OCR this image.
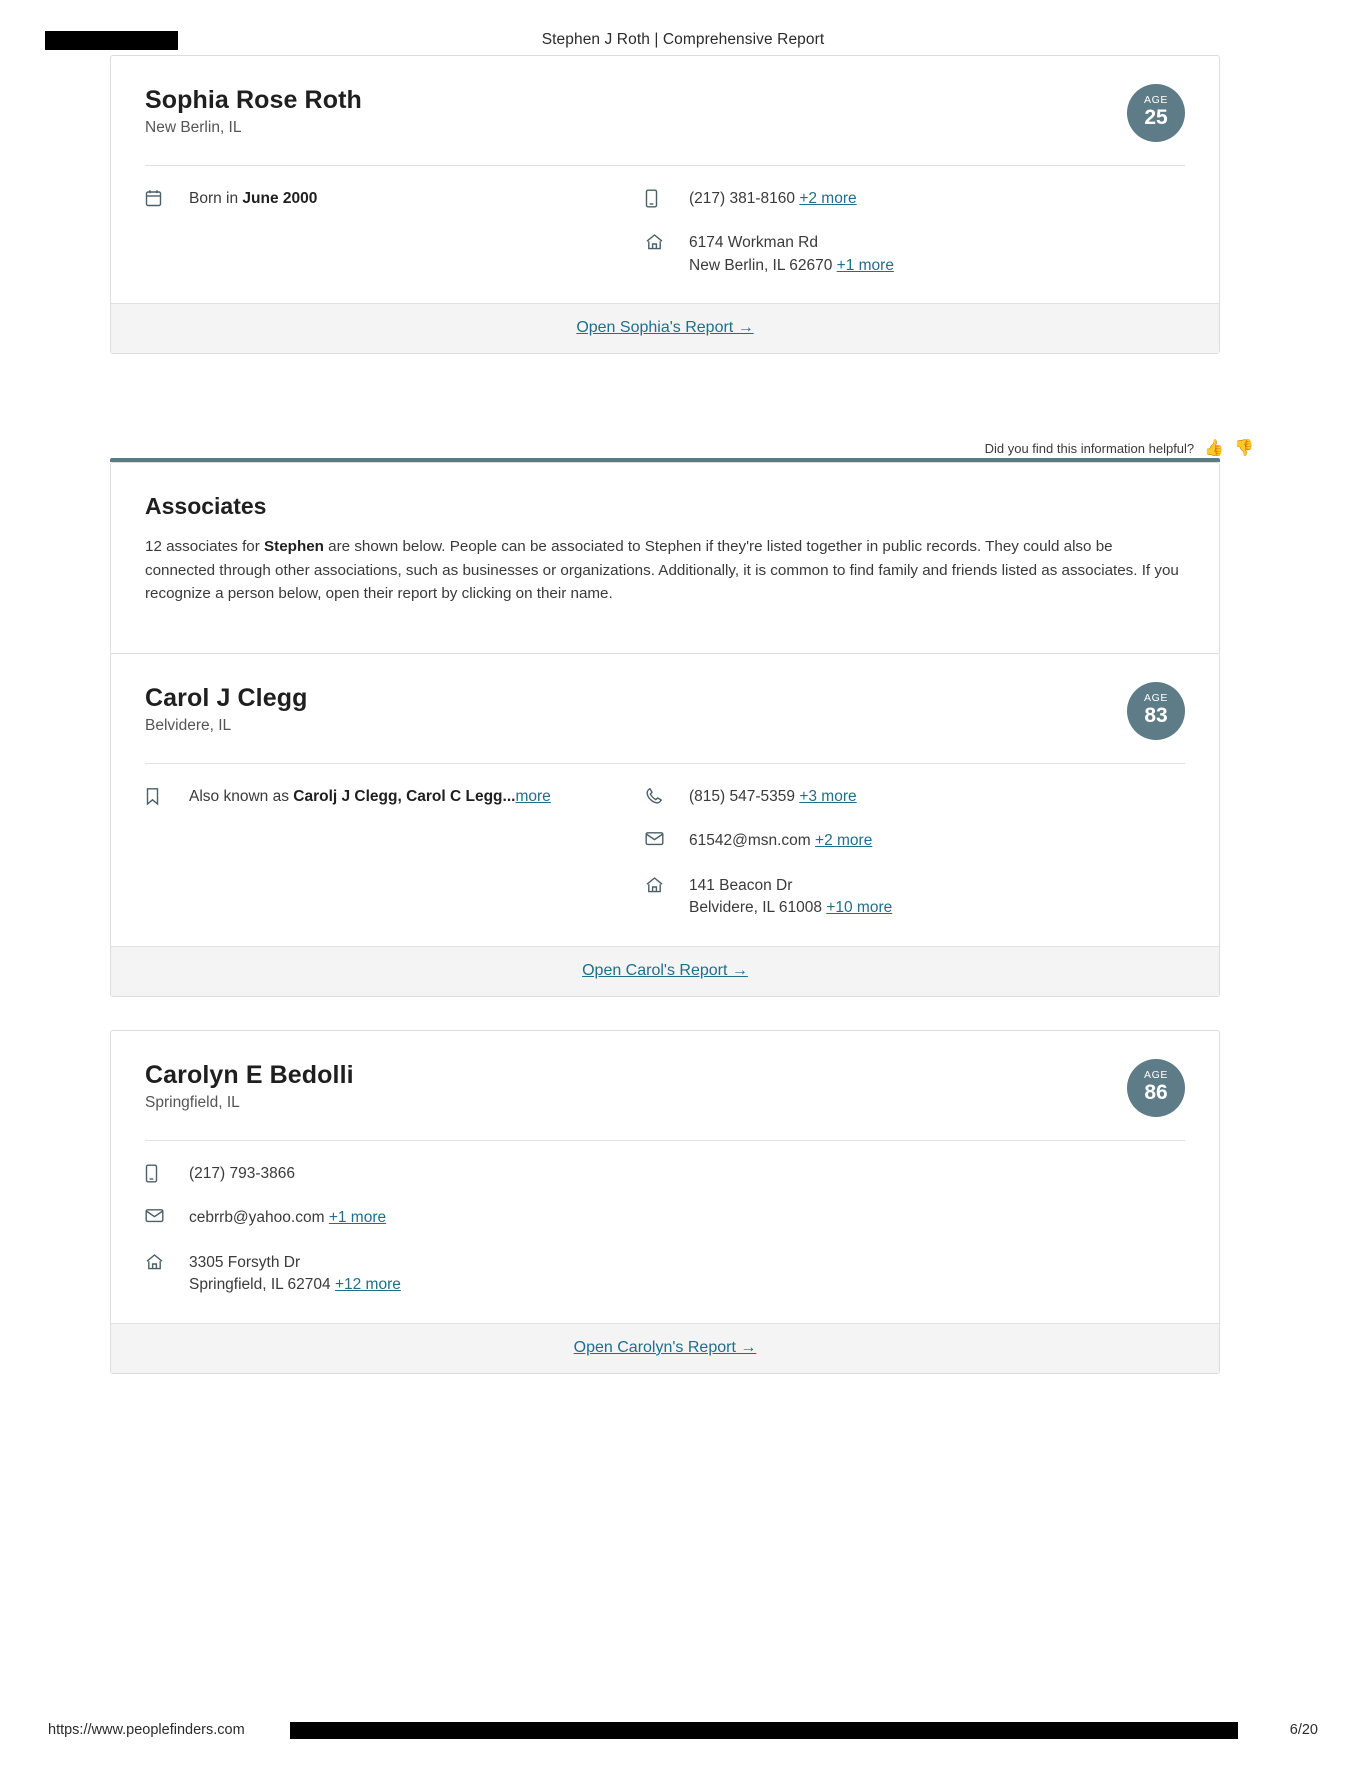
Stephen J Roth | Comprehensive Report
AGE
25
Sophia Rose Roth
New Berlin, IL
Born in June 2000	(217) 381-8160 +2 more
6174 Workman Rd
New Berlin, IL 62670 +1 more
Open Sophia's Report →
Did you find this information helpful? 👍 👎
Associates

12 associates for Stephen are shown below. People can be associated to Stephen if they're listed together in public records. They could also be connected through other associations, such as businesses or organizations. Additionally, it is common to find family and friends listed as associates. If you recognize a person below, open their report by clicking on their name.

AGE
83
Carol J Clegg
Belvidere, IL
Also known as Carolj J Clegg, Carol C Legg...more	(815) 547-5359 +3 more
61542@msn.com +2 more
141 Beacon Dr
Belvidere, IL 61008 +10 more
Open Carol's Report →
AGE
86
Carolyn E Bedolli
Springfield, IL
(217) 793-3866
cebrrb@yahoo.com +1 more
3305 Forsyth Dr
Springfield, IL 62704 +12 more
Open Carolyn's Report →
https://www.peoplefinders.com	6/20
